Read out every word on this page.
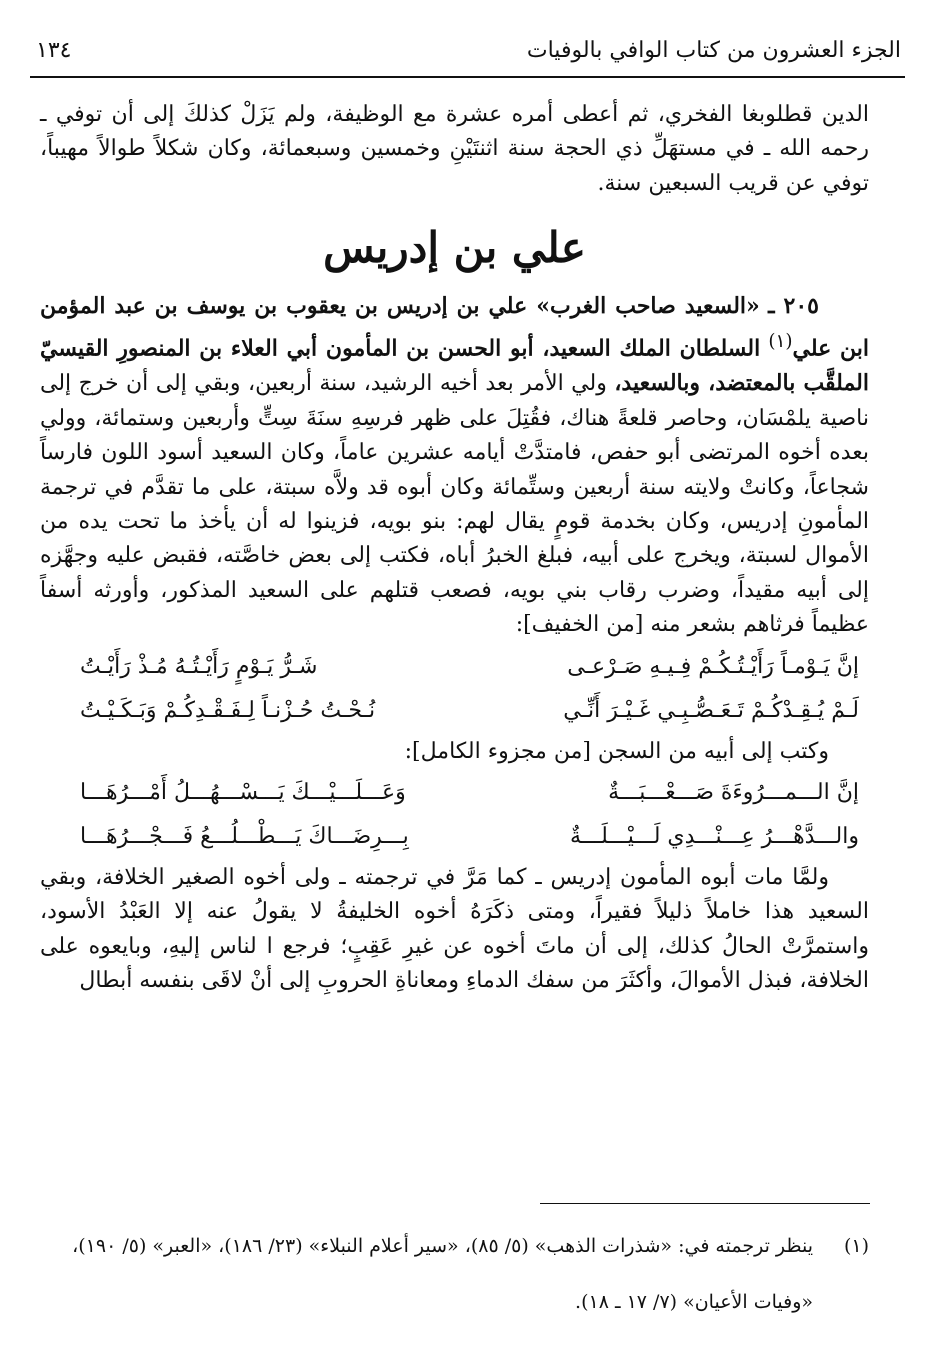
الجزء العشرون من كتاب الوافي بالوفيات
١٣٤

الدين قطلوبغا الفخري، ثم أعطى أمره عشرة مع الوظيفة، ولم يَزَلْ كذلكَ إلى أن توفي ـ رحمه الله ـ في مستهَلِّ ذي الحجة سنة اثنتَيْنِ وخمسين وسبعمائة، وكان شكلاً طوالاً مهيباً، توفي عن قريب السبعين سنة.

علي بن إدريس

٢٠٥ ـ «السعيد صاحب الغرب» علي بن إدريس بن يعقوب بن يوسف بن عبد المؤمن ابن علي$^{(١)}$ السلطان الملك السعيد، أبو الحسن بن المأمون أبي العلاء بن المنصورِ القيسيّ الملقَّب بالمعتضد، وبالسعيد، ولي الأمر بعد أخيه الرشيد، سنة أربعين، وبقي إلى أن خرج إلى ناصية يلمْسَان، وحاصر قلعةً هناك، فقُتِلَ على ظهر فرسِهِ سنَةَ سِتٍّ وأربعين وستمائة، وولي بعده أخوه المرتضى أبو حفص، فامتدَّتْ أيامه عشرين عاماً، وكان السعيد أسود اللون فارساً شجاعاً، وكانتْ ولايته سنة أربعين وستِّمائة وكان أبوه قد ولاَّه سبتة، على ما تقدَّم في ترجمة المأمونِ إدريس، وكان بخدمة قومٍ يقال لهم: بنو بويه، فزينوا له أن يأخذ ما تحت يده من الأموال لسبتة، ويخرج على أبيه، فبلغ الخبرُ أباه، فكتب إلى بعض خاصَّته، فقبض عليه وجهَّزه إلى أبيه مقيداً، وضرب رقاب بني بويه، فصعب قتلهم على السعيد المذكور، وأورثه أسفاً عظيماً فرثاهم بشعر منه [من الخفيف]:

إنَّ يَـوْمـاً رَأَيْـتُـكُـمْ فِـيـهِ صَـرْعـى
شَـرُّ يَـوْمٍ رَأَيْـتُـهُ مُـذْ رَأَيْـتُ
لَـمْ يُـقِـدْكُـمْ تَـعَـصُّـبِـي غَـيْـرَ أَنِّـي
نُـحْـتُ حُـزْنـاً لِـفَـقْـدِكُـمْ وَبَـكَـيْـتُ

وكتب إلى أبيه من السجن [من مجزوء الكامل]:

إنَّ الـــمـــرُوءَةَ صَـــعْـــبَـــةٌ
وَعَـــلَـــيْـــكَ يَـــسْـــهُـــلُ أَمْـــرُهَـــا
والـــدَّهْـــرُ عِـــنْـــدِي لَـــيْـــلَـــةٌ
بِـــرِضَـــاكَ يَـــطْـــلُـــعُ فَـــجْـــرُهَـــا

ولمَّا مات أبوه المأمون إدريس ـ كما مَرَّ في ترجمته ـ ولى أخوه الصغير الخلافة، وبقي السعيد هذا خاملاً ذليلاً فقيراً، ومتى ذكَرَهُ أخوه الخليفةُ لا يقولُ عنه إلا العَبْدُ الأسود، واستمرَّتْ الحالُ كذلك، إلى أن ماتَ أخوه عن غيرِ عَقِبٍ؛ فرجع ا لناس إليهِ، وبايعوه على الخلافة، فبذل الأموالَ، وأكثَرَ من سفك الدماءِ ومعاناةِ الحروبِ إلى أنْ لاقَى بنفسه أبطال

(١)
ينظر ترجمته في: «شذرات الذهب» (٥/ ٨٥)، «سير أعلام النبلاء» (٢٣/ ١٨٦)، «العبر» (٥/ ١٩٠)،
«وفيات الأعيان» (٧/ ١٧ ـ ١٨).
